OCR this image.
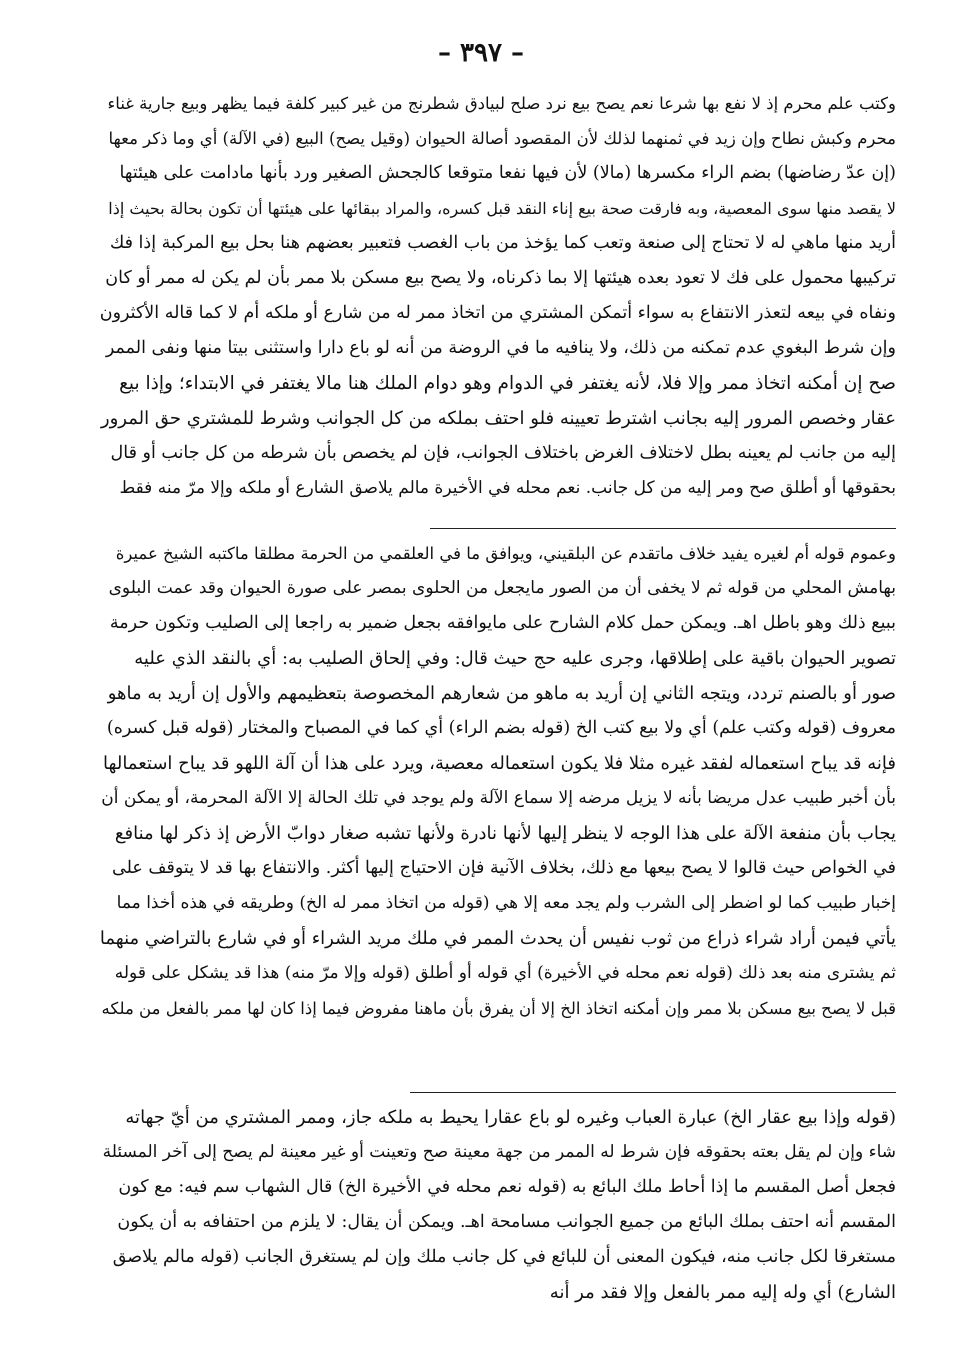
– ٣٩٧ –
وكتب علم محرم إذ لا نفع بها شرعا نعم يصح بيع نرد صلح لبيادق شطرنج من غير كبير كلفة فيما يظهر وبيع جارية غناء
محرم وكبش نطاح وإن زيد في ثمنهما لذلك لأن المقصود أصالة الحيوان (وقيل يصح) البيع (في الآلة) أي وما ذكر معها
(إن عدّ رضاضها) بضم الراء مكسرها (مالا) لأن فيها نفعا متوقعا كالجحش الصغير ورد بأنها مادامت على هيئتها
لا يقصد منها سوى المعصية، وبه فارقت صحة بيع إناء النقد قبل كسره، والمراد ببقائها على هيئتها أن تكون بحالة بحيث إذا
أريد منها ماهي له لا تحتاج إلى صنعة وتعب كما يؤخذ من باب الغصب فتعبير بعضهم هنا بحل بيع المركبة إذا فك
تركيبها محمول على فك لا تعود بعده هيئتها إلا بما ذكرناه، ولا يصح بيع مسكن بلا ممر بأن لم يكن له ممر أو كان
ونفاه في بيعه لتعذر الانتفاع به سواء أتمكن المشتري من اتخاذ ممر له من شارع أو ملكه أم لا كما قاله الأكثرون
وإن شرط البغوي عدم تمكنه من ذلك، ولا ينافيه ما في الروضة من أنه لو باع دارا واستثنى بيتا منها ونفى الممر
صح إن أمكنه اتخاذ ممر وإلا فلا، لأنه يغتفر في الدوام وهو دوام الملك هنا مالا يغتفر في الابتداء؛ وإذا بيع
عقار وخصص المرور إليه بجانب اشترط تعيينه فلو احتف بملكه من كل الجوانب وشرط للمشتري حق المرور
إليه من جانب لم يعينه بطل لاختلاف الغرض باختلاف الجوانب، فإن لم يخصص بأن شرطه من كل جانب أو قال
بحقوقها أو أطلق صح ومر إليه من كل جانب. نعم محله في الأخيرة مالم يلاصق الشارع أو ملكه وإلا مرّ منه فقط
وعموم قوله أم لغيره يفيد خلاف ماتقدم عن البلقيني، ويوافق ما في العلقمي من الحرمة مطلقا ماكتبه الشيخ عميرة
بهامش المحلي من قوله ثم لا يخفى أن من الصور مايجعل من الحلوى بمصر على صورة الحيوان وقد عمت البلوى
ببيع ذلك وهو باطل اهـ. ويمكن حمل كلام الشارح على مايوافقه بجعل ضمير به راجعا إلى الصليب وتكون حرمة
تصوير الحيوان باقية على إطلاقها، وجرى عليه حج حيث قال: وفي إلحاق الصليب به: أي بالنقد الذي عليه
صور أو بالصنم تردد، ويتجه الثاني إن أريد به ماهو من شعارهم المخصوصة بتعظيمهم والأول إن أريد به ماهو
معروف (قوله وكتب علم) أي ولا بيع كتب الخ (قوله بضم الراء) أي كما في المصباح والمختار (قوله قبل كسره)
فإنه قد يباح استعماله لفقد غيره مثلا فلا يكون استعماله معصية، ويرد على هذا أن آلة اللهو قد يباح استعمالها
بأن أخبر طبيب عدل مريضا بأنه لا يزيل مرضه إلا سماع الآلة ولم يوجد في تلك الحالة إلا الآلة المحرمة، أو يمكن أن
يجاب بأن منفعة الآلة على هذا الوجه لا ينظر إليها لأنها نادرة ولأنها تشبه صغار دوابّ الأرض إذ ذكر لها منافع
في الخواص حيث قالوا لا يصح بيعها مع ذلك، بخلاف الآنية فإن الاحتياج إليها أكثر. والانتفاع بها قد لا يتوقف على
إخبار طبيب كما لو اضطر إلى الشرب ولم يجد معه إلا هي (قوله من اتخاذ ممر له الخ) وطريقه في هذه أخذا مما
يأتي فيمن أراد شراء ذراع من ثوب نفيس أن يحدث الممر في ملك مريد الشراء أو في شارع بالتراضي منهما
ثم يشترى منه بعد ذلك (قوله نعم محله في الأخيرة) أي قوله أو أطلق (قوله وإلا مرّ منه) هذا قد يشكل على قوله
قبل لا يصح بيع مسكن بلا ممر وإن أمكنه اتخاذ الخ إلا أن يفرق بأن ماهنا مفروض فيما إذا كان لها ممر بالفعل من ملكه
(قوله وإذا بيع عقار الخ) عبارة العباب وغيره لو باع عقارا يحيط به ملكه جاز، وممر المشتري من أيّ جهاته
شاء وإن لم يقل بعته بحقوقه فإن شرط له الممر من جهة معينة صح وتعينت أو غير معينة لم يصح إلى آخر المسئلة
فجعل أصل المقسم ما إذا أحاط ملك البائع به (قوله نعم محله في الأخيرة الخ) قال الشهاب سم فيه: مع كون
المقسم أنه احتف بملك البائع من جميع الجوانب مسامحة اهـ. ويمكن أن يقال: لا يلزم من احتفافه به أن يكون
مستغرقا لكل جانب منه، فيكون المعنى أن للبائع في كل جانب ملك وإن لم يستغرق الجانب (قوله مالم يلاصق
الشارع) أي وله إليه ممر بالفعل وإلا فقد مر أنه
